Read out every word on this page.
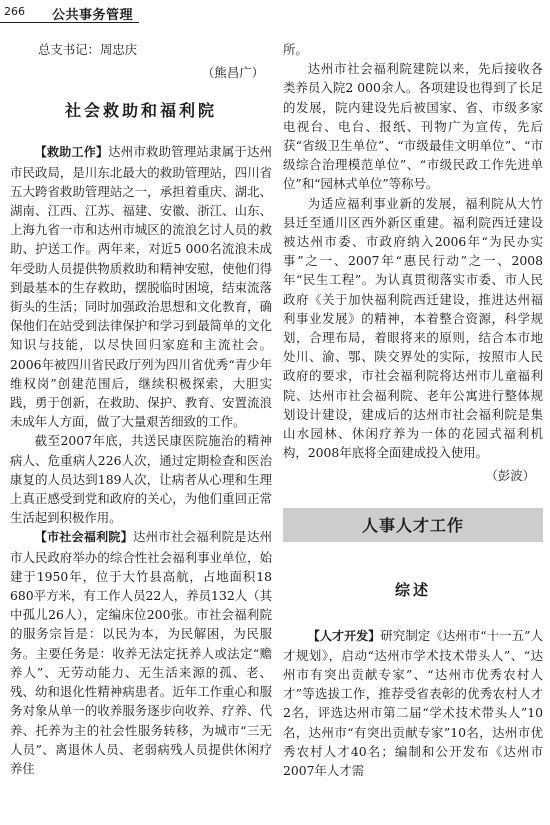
266 公共事务管理

总支书记：周忠庆

（熊昌广）

社会救助和福利院

【救助工作】达州市救助管理站隶属于达州市民政局，是川东北最大的救助管理站，四川省五大跨省救助管理站之一，承担着重庆、湖北、湖南、江西、江苏、福建、安徽、浙江、山东、上海九省一市和达州市城区的流浪乞讨人员的救助、护送工作。两年来，对近5 000名流浪未成年受助人员提供物质救助和精神安慰，使他们得到最基本的生存救助，摆脱临时困境，结束流落街头的生活；同时加强政治思想和文化教育，确保他们在站受到法律保护和学习到最简单的文化知识与技能，以尽快回归家庭和主流社会。2006年被四川省民政厅列为四川省优秀“青少年维权岗”创建范围后，继续积极探索，大胆实践，勇于创新，在救助、保护、教育、安置流浪未成年人方面，做了大量艰苦细致的工作。

截至2007年底，共送民康医院施治的精神病人、危重病人226人次，通过定期检查和医治康复的人员达到189人次，让病者从心理和生理上真正感受到党和政府的关心，为他们重回正常生活起到积极作用。

【市社会福利院】达州市社会福利院是达州市人民政府举办的综合性社会福利事业单位，始建于1950年，位于大竹县高航，占地面积18 680平方米，有工作人员22人，养员132人（其中孤儿26人），定编床位200张。市社会福利院的服务宗旨是：以民为本，为民解困，为民服务。主要任务是：收养无法定抚养人或法定“赡养人”、无劳动能力、无生活来源的孤、老、残、幼和退化性精神病患者。近年工作重心和服务对象从单一的收养服务逐步向收养、疗养、代养、托养为主的社会性服务转移，为城市“三无人员”、离退休人员、老弱病残人员提供休闲疗养住

所。

达州市社会福利院建院以来，先后接收各类养员入院2 000余人。各项建设也得到了长足的发展，院内建设先后被国家、省、市级多家电视台、电台、报纸、刊物广为宣传，先后获“省级卫生单位”、“市级最佳文明单位”、“市级综合治理模范单位”、“市级民政工作先进单位”和“园林式单位”等称号。

为适应福利事业新的发展，福利院从大竹县迁至通川区西外新区重建。福利院西迁建设被达州市委、市政府纳入2006年“为民办实事”之一、2007年“惠民行动”之一、2008年“民生工程”。为认真贯彻落实市委、市人民政府《关于加快福利院西迁建设，推进达州福利事业发展》的精神，本着整合资源，科学规划，合理布局，着眼将来的原则，结合本市地处川、渝、鄂、陕交界处的实际，按照市人民政府的要求，市社会福利院将达州市儿童福利院、达州市社会福利院、老年公寓进行整体规划设计建设，建成后的达州市社会福利院是集山水园林、休闲疗养为一体的花园式福利机构，2008年底将全面建成投入使用。

（彭波）

人事人才工作
综述

【人才开发】研究制定《达州市“十一五”人才规划》，启动“达州市学术技术带头人”、“达州市有突出贡献专家”、“达州市优秀农村人才”等选拔工作，推荐受省表彰的优秀农村人才2名，评选达州市第二届“学术技术带头人”10名，达州市“有突出贡献专家”10名，达州市优秀农村人才40名；编制和公开发布《达州市2007年人才需
